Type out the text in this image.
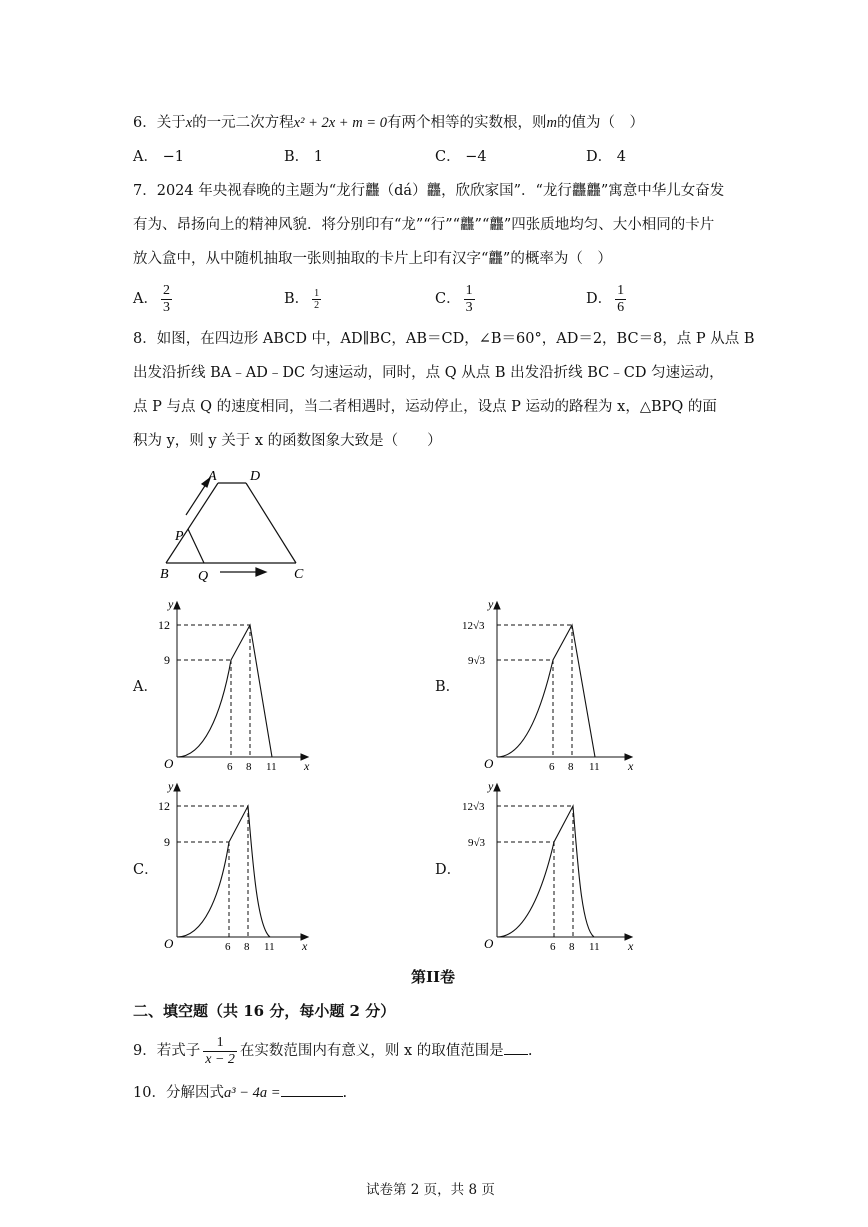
6．关于x的一元二次方程x² + 2x + m = 0有两个相等的实数根，则m的值为（　）
A． −1	B． 1	C． −4	D． 4
7．2024 年央视春晚的主题为“龙行龘（dá）龘，欣欣家国”．“龙行龘龘”寓意中华儿女奋发
有为、昂扬向上的精神风貌．将分别印有“龙”“行”“龘”“龘”四张质地均匀、大小相同的卡片
放入盒中，从中随机抽取一张则抽取的卡片上印有汉字“龘”的概率为（　）
A． $\frac{2}{3}$	B． $\frac{1}{2}$	C． $\frac{1}{3}$	D． $\frac{1}{6}$
8．如图，在四边形 ABCD 中，AD∥BC，AB＝CD，∠B＝60°，AD＝2，BC＝8，点 P 从点 B
出发沿折线 BA﹣AD﹣DC 匀速运动，同时，点 Q 从点 B 出发沿折线 BC﹣CD 匀速运动，
点 P 与点 Q 的速度相同，当二者相遇时，运动停止，设点 P 运动的路程为 x，△BPQ 的面
积为 y，则 y 关于 x 的函数图象大致是（　　）
A D
B	C
P
Q
A．	B．
C．	D．
y
12
9
O	6 8 11 x
y
12√3
9√3
O	6 8 11 x
y
12
9
O	6 8 11 x
y
12√3
9√3
O	6 8 11 x
第II卷
二、填空题（共 16 分，每小题 2 分）
9．若式子 $\frac{1}{x - 2}$ 在实数范围内有意义，则 x 的取值范围是 .
10．分解因式a³ − 4a =	.
试卷第 2 页，共 8 页
